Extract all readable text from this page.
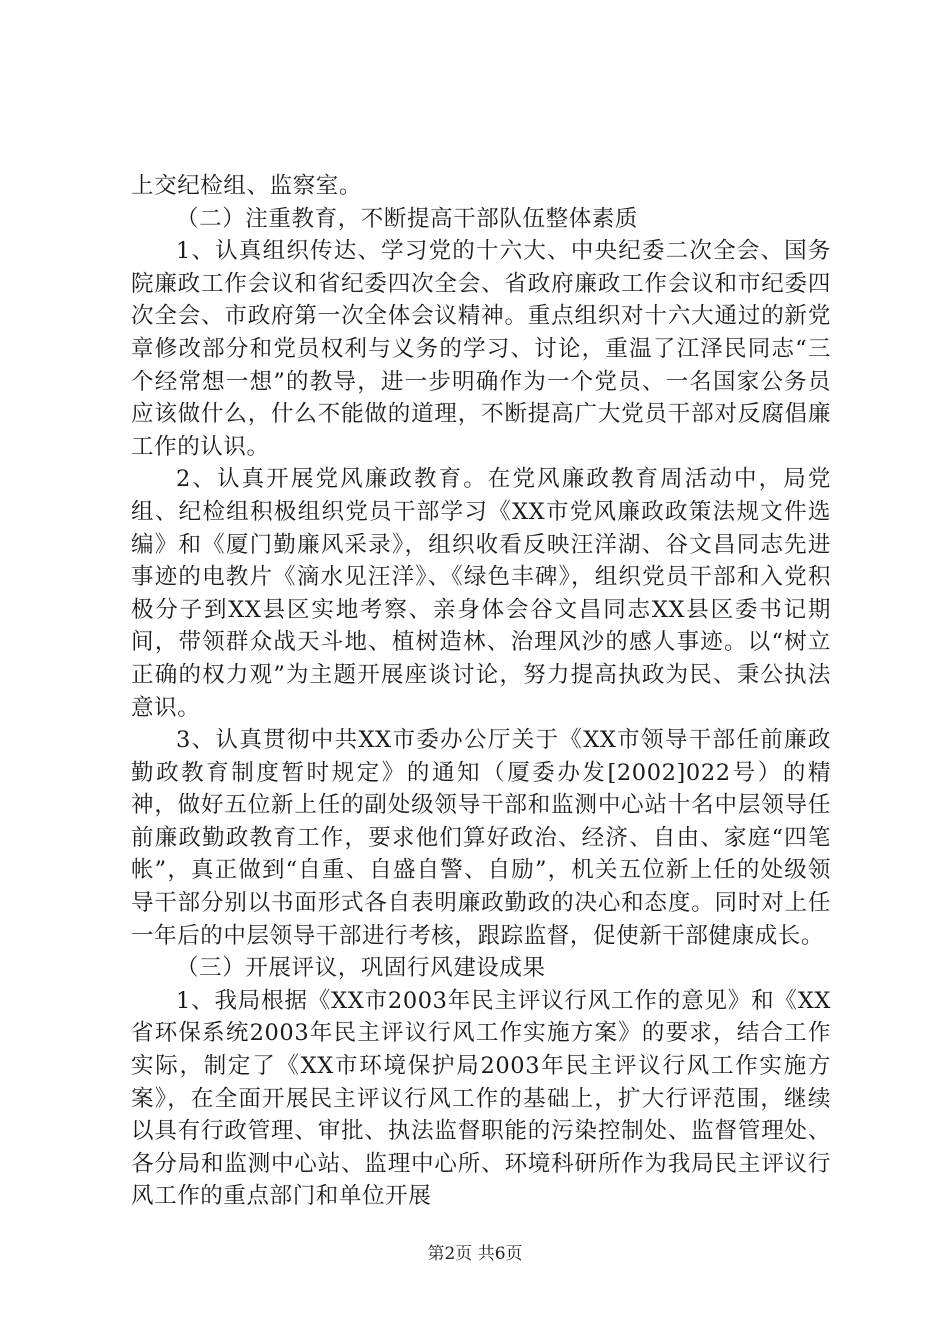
上交纪检组、监察室。

（二）注重教育，不断提高干部队伍整体素质

1、认真组织传达、学习党的十六大、中央纪委二次全会、国务院廉政工作会议和省纪委四次全会、省政府廉政工作会议和市纪委四次全会、市政府第一次全体会议精神。重点组织对十六大通过的新党章修改部分和党员权利与义务的学习、讨论，重温了江泽民同志“三个经常想一想”的教导，进一步明确作为一个党员、一名国家公务员应该做什么，什么不能做的道理，不断提高广大党员干部对反腐倡廉工作的认识。

2、认真开展党风廉政教育。在党风廉政教育周活动中，局党组、纪检组积极组织党员干部学习《XX市党风廉政政策法规文件选编》和《厦门勤廉风采录》，组织收看反映汪洋湖、谷文昌同志先进事迹的电教片《滴水见汪洋》、《绿色丰碑》，组织党员干部和入党积极分子到XX县区实地考察、亲身体会谷文昌同志XX县区委书记期间，带领群众战天斗地、植树造林、治理风沙的感人事迹。以“树立正确的权力观”为主题开展座谈讨论，努力提高执政为民、秉公执法意识。

3、认真贯彻中共XX市委办公厅关于《XX市领导干部任前廉政勤政教育制度暂时规定》的通知（厦委办发[2002]022号）的精神，做好五位新上任的副处级领导干部和监测中心站十名中层领导任前廉政勤政教育工作，要求他们算好政治、经济、自由、家庭“四笔帐”，真正做到“自重、自盛自警、自励”，机关五位新上任的处级领导干部分别以书面形式各自表明廉政勤政的决心和态度。同时对上任一年后的中层领导干部进行考核，跟踪监督，促使新干部健康成长。

（三）开展评议，巩固行风建设成果

1、我局根据《XX市2003年民主评议行风工作的意见》和《XX省环保系统2003年民主评议行风工作实施方案》的要求，结合工作实际，制定了《XX市环境保护局2003年民主评议行风工作实施方案》，在全面开展民主评议行风工作的基础上，扩大行评范围，继续以具有行政管理、审批、执法监督职能的污染控制处、监督管理处、各分局和监测中心站、监理中心所、环境科研所作为我局民主评议行风工作的重点部门和单位开展

第2页 共6页
